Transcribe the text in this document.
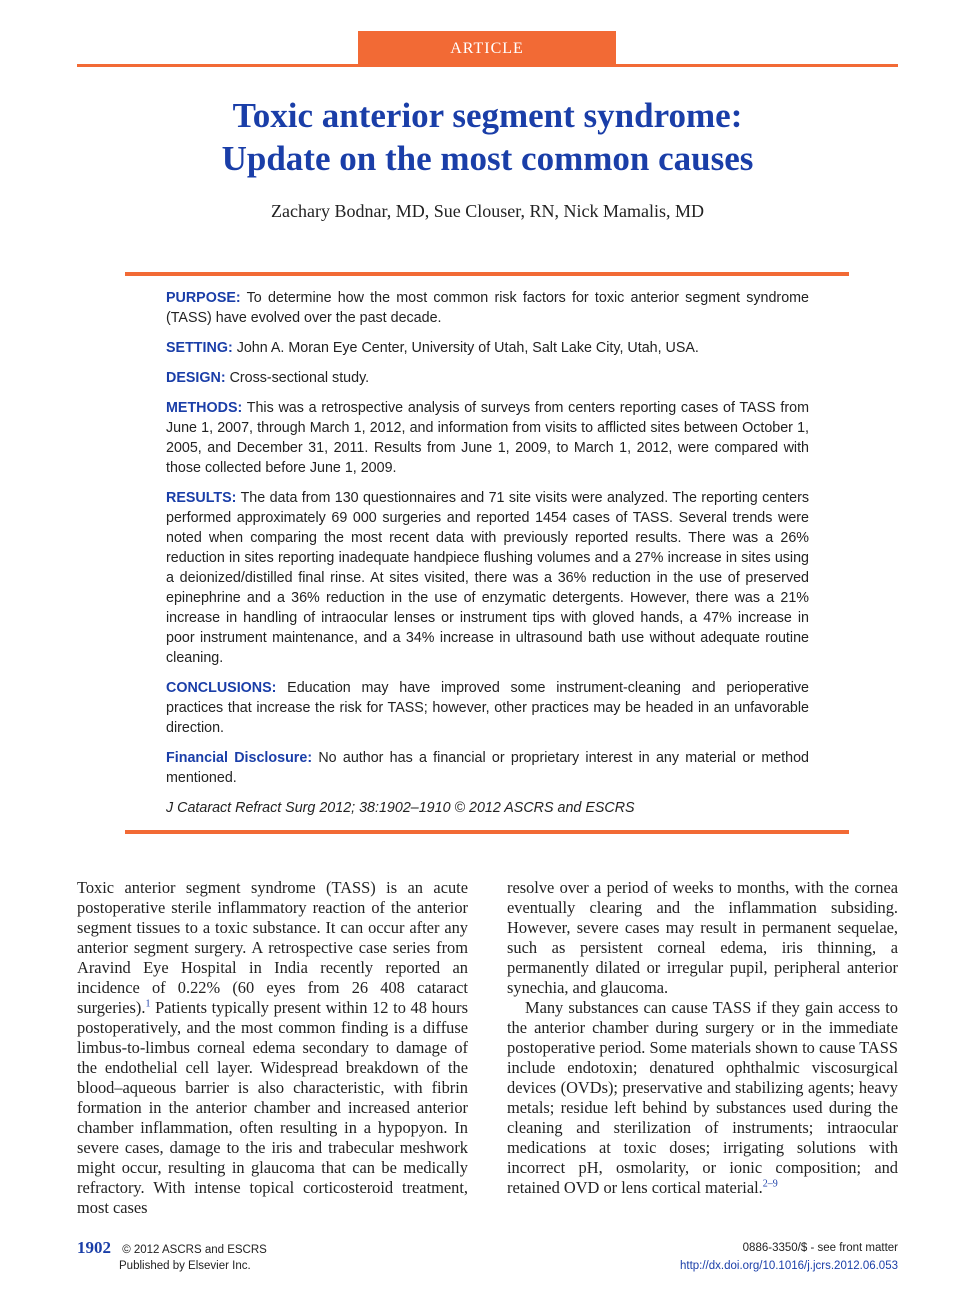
ARTICLE
Toxic anterior segment syndrome:
Update on the most common causes
Zachary Bodnar, MD, Sue Clouser, RN, Nick Mamalis, MD

PURPOSE: To determine how the most common risk factors for toxic anterior segment syndrome (TASS) have evolved over the past decade.

SETTING: John A. Moran Eye Center, University of Utah, Salt Lake City, Utah, USA.

DESIGN: Cross-sectional study.

METHODS: This was a retrospective analysis of surveys from centers reporting cases of TASS from June 1, 2007, through March 1, 2012, and information from visits to afflicted sites between October 1, 2005, and December 31, 2011. Results from June 1, 2009, to March 1, 2012, were compared with those collected before June 1, 2009.

RESULTS: The data from 130 questionnaires and 71 site visits were analyzed. The reporting centers performed approximately 69 000 surgeries and reported 1454 cases of TASS. Several trends were noted when comparing the most recent data with previously reported results. There was a 26% reduction in sites reporting inadequate handpiece flushing volumes and a 27% increase in sites using a deionized/distilled final rinse. At sites visited, there was a 36% reduction in the use of preserved epinephrine and a 36% reduction in the use of enzymatic detergents. However, there was a 21% increase in handling of intraocular lenses or instrument tips with gloved hands, a 47% increase in poor instrument maintenance, and a 34% increase in ultrasound bath use without adequate routine cleaning.

CONCLUSIONS: Education may have improved some instrument-cleaning and perioperative practices that increase the risk for TASS; however, other practices may be headed in an unfavorable direction.

Financial Disclosure: No author has a financial or proprietary interest in any material or method mentioned.

J Cataract Refract Surg 2012; 38:1902–1910 © 2012 ASCRS and ESCRS

Toxic anterior segment syndrome (TASS) is an acute postoperative sterile inflammatory reaction of the anterior segment tissues to a toxic substance. It can occur after any anterior segment surgery. A retrospective case series from Aravind Eye Hospital in India recently reported an incidence of 0.22% (60 eyes from 26 408 cataract surgeries).$^1$ Patients typically present within 12 to 48 hours postoperatively, and the most common finding is a diffuse limbus-to-limbus corneal edema secondary to damage of the endothelial cell layer. Widespread breakdown of the blood–aqueous barrier is also characteristic, with fibrin formation in the anterior chamber and increased anterior chamber inflammation, often resulting in a hypopyon. In severe cases, damage to the iris and trabecular meshwork might occur, resulting in glaucoma that can be medically refractory. With intense topical corticosteroid treatment, most cases

resolve over a period of weeks to months, with the cornea eventually clearing and the inflammation subsiding. However, severe cases may result in permanent sequelae, such as persistent corneal edema, iris thinning, a permanently dilated or irregular pupil, peripheral anterior synechia, and glaucoma.

Many substances can cause TASS if they gain access to the anterior chamber during surgery or in the immediate postoperative period. Some materials shown to cause TASS include endotoxin; denatured ophthalmic viscosurgical devices (OVDs); preservative and stabilizing agents; heavy metals; residue left behind by substances used during the cleaning and sterilization of instruments; intraocular medications at toxic doses; irrigating solutions with incorrect pH, osmolarity, or ionic composition; and retained OVD or lens cortical material.$^{2-9}$

1902 © 2012 ASCRS and ESCRS
Published by Elsevier Inc.
0886-3350/$ - see front matter
http://dx.doi.org/10.1016/j.jcrs.2012.06.053
